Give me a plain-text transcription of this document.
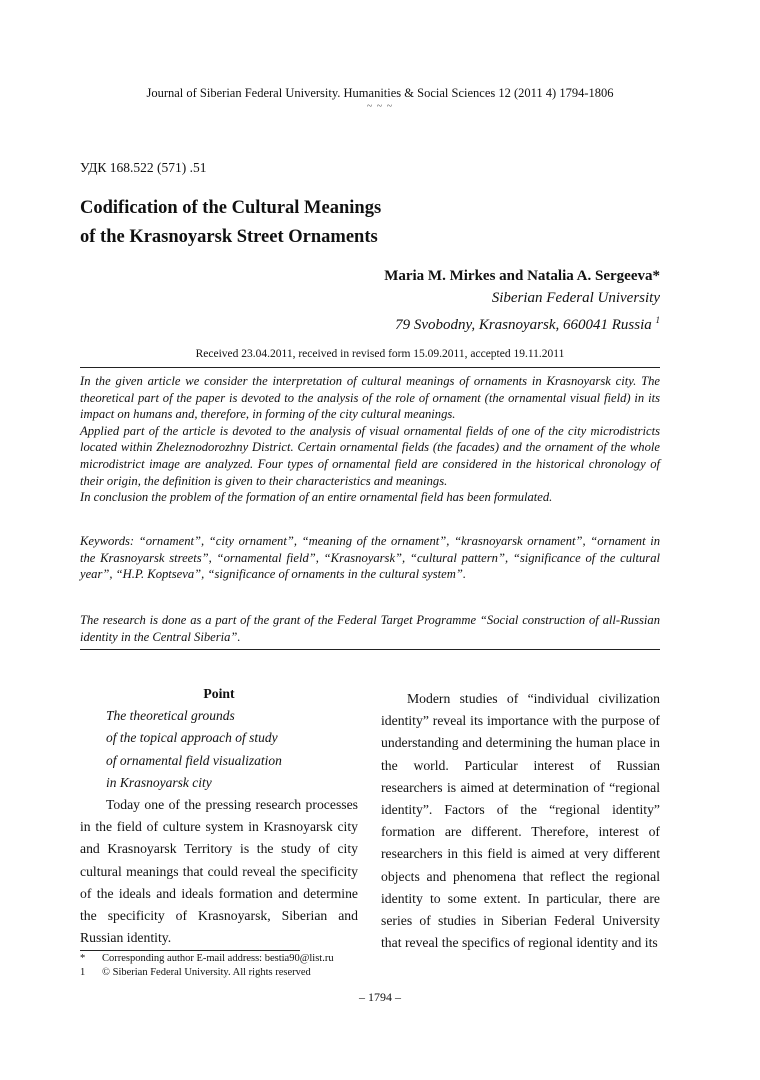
Journal of Siberian Federal University. Humanities & Social Sciences 12 (2011 4) 1794-1806
~ ~ ~
УДК 168.522 (571) .51
Codification of the Cultural Meanings
of the Krasnoyarsk Street Ornaments
Maria M. Mirkes and Natalia A. Sergeeva*
Siberian Federal University
79 Svobodny, Krasnoyarsk, 660041 Russia $^1$
Received 23.04.2011, received in revised form 15.09.2011, accepted 19.11.2011

In the given article we consider the interpretation of cultural meanings of ornaments in Krasnoyarsk city. The theoretical part of the paper is devoted to the analysis of the role of ornament (the ornamental visual field) in its impact on humans and, therefore, in forming of the city cultural meanings.

Applied part of the article is devoted to the analysis of visual ornamental fields of one of the city microdistricts located within Zheleznodorozhny District. Certain ornamental fields (the facades) and the ornament of the whole microdistrict image are analyzed. Four types of ornamental field are considered in the historical chronology of their origin, the definition is given to their characteristics and meanings.

In conclusion the problem of the formation of an entire ornamental field has been formulated.

Keywords: “ornament”, “city ornament”, “meaning of the ornament”, “krasnoyarsk ornament”, “ornament in the Krasnoyarsk streets”, “ornamental field”, “Krasnoyarsk”, “cultural pattern”, “significance of the cultural year”, “H.P. Koptseva”, “significance of ornaments in the cultural system”.

The research is done as a part of the grant of the Federal Target Programme “Social construction of all-Russian identity in the Central Siberia”.

Point

The theoretical grounds

of the topical approach of study

of ornamental field visualization

in Krasnoyarsk city

Today one of the pressing research processes in the field of culture system in Krasnoyarsk city and Krasnoyarsk Territory is the study of city cultural meanings that could reveal the specificity of the ideals and ideals formation and determine the specificity of Krasnoyarsk, Siberian and Russian identity.

Modern studies of “individual civilization identity” reveal its importance with the purpose of understanding and determining the human place in the world. Particular interest of Russian researchers is aimed at determination of “regional identity”. Factors of the “regional identity” formation are different. Therefore, interest of researchers in this field is aimed at very different objects and phenomena that reflect the regional identity to some extent. In particular, there are series of studies in Siberian Federal University that reveal the specifics of regional identity and its

* Corresponding author E-mail address: bestia90@list.ru
1 © Siberian Federal University. All rights reserved
– 1794 –
